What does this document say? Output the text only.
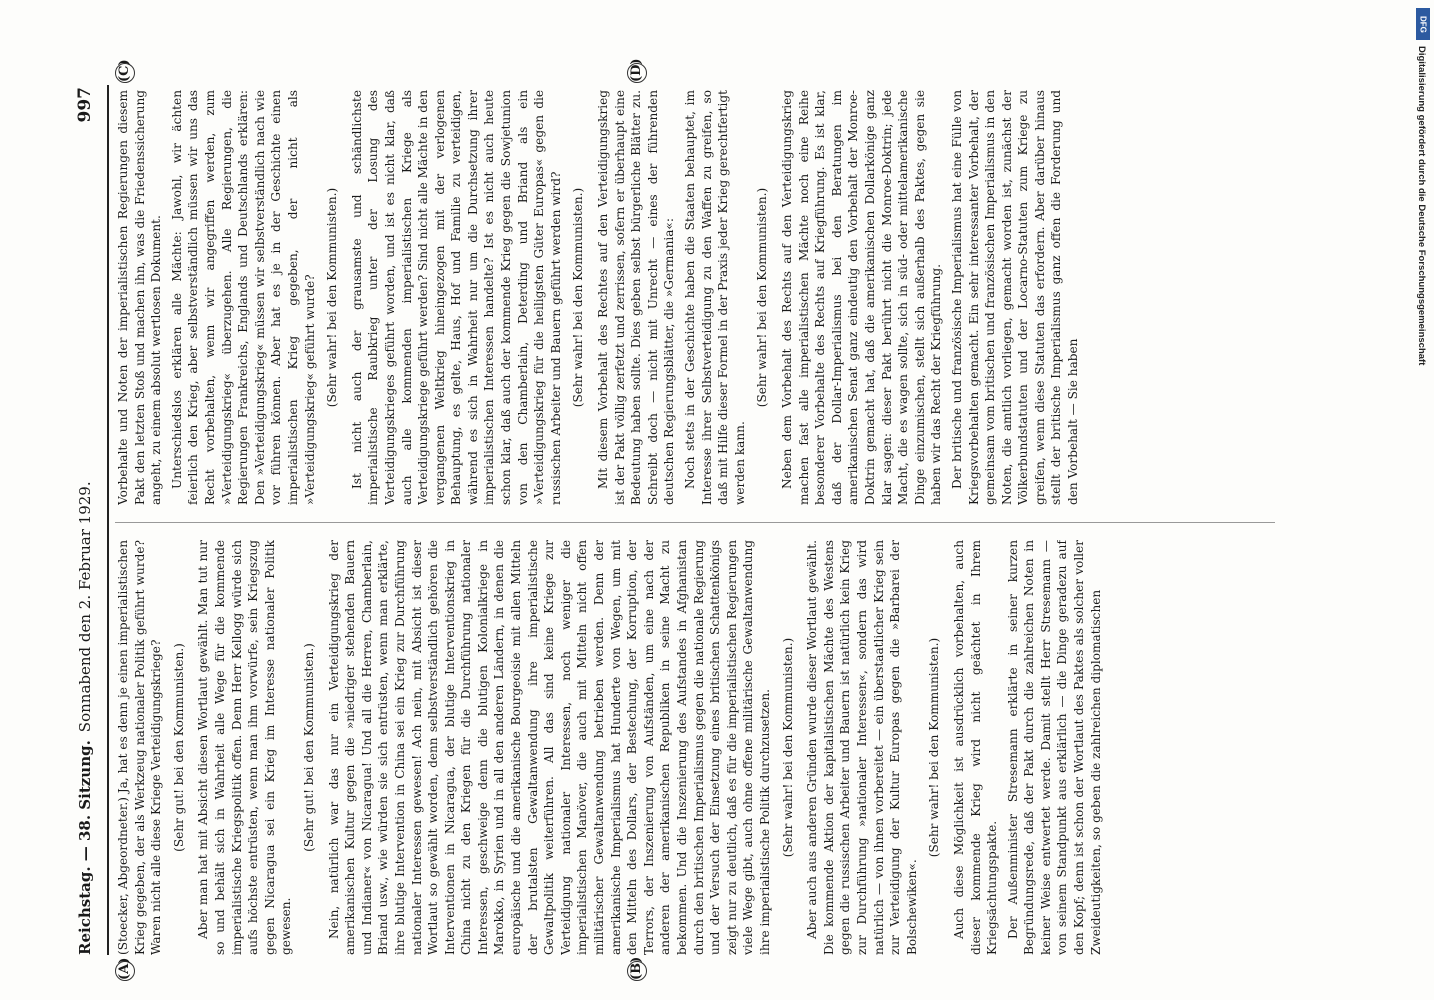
Reichstag. — 38. Sitzung.
Sonnabend den 2. Februar 1929.
997

(Stoecker, Abgeordneter.) Ja, hat es denn je einen imperialistischen Krieg gegeben, der als Werkzeug nationaler Politik geführt wurde? Waren nicht alle diese Kriege Verteidigungskriege? (Sehr gut! bei den Kommunisten.) Aber man hat mit Absicht diesen Wortlaut gewählt. Man tut nur so und behält sich in Wahrheit alle Wege für die kommende imperialistische Kriegspolitik offen. Denn Herr Kellogg würde sich aufs höchste entrüsten, wenn man ihm vorwürfe, sein Kriegszug gegen Nicaragua sei ein Krieg im Interesse nationaler Politik gewesen.

(Sehr gut! bei den Kommunisten.) Nein, natürlich war das nur ein Verteidigungskrieg der amerikanischen Kultur gegen die »niedriger stehenden Bauern und Indianer« von Nicaragua! Und all die Herren, Chamberlain, Briand usw., wie würden sie sich entrüsten, wenn man erklärte, ihre blutige Intervention in China sei ein Krieg zur Durchführung nationaler Interessen gewesen! Ach nein, mit Absicht ist dieser Wortlaut so gewählt worden, denn selbstverständlich gehören die Interventionen in Nicaragua, der blutige Interventionskrieg in China nicht zu den Kriegen für die Durchführung nationaler Interessen, geschweige denn die blutigen Kolonialkriege in Marokko, in Syrien und in all den anderen Ländern, in denen die europäische und die amerikanische Bourgeoisie mit allen Mitteln der brutalsten Gewaltanwendung ihre imperialistische Gewaltpolitik weiterführen. All das sind keine Kriege zur Verteidigung nationaler Interessen, noch weniger die imperialistischen Manöver, die auch mit Mitteln nicht offen militärischer Gewaltanwendung betrieben werden. Denn der amerikanische Imperialismus hat Hunderte von Wegen, um mit den Mitteln des Dollars, der Bestechung, der Korruption, der Terrors, der Inszenierung von Aufständen, um eine nach der anderen der amerikanischen Republiken in seine Macht zu bekommen. Und die Inszenierung des Aufstandes in Afghanistan durch den britischen Imperialismus gegen die nationale Regierung und der Versuch der Einsetzung eines britischen Schattenkönigs zeigt nur zu deutlich, daß es für die imperialistischen Regierungen viele Wege gibt, auch ohne offene militärische Gewaltanwendung ihre imperialistische Politik durchzusetzen. (Sehr wahr! bei den Kommunisten.) Aber auch aus anderen Gründen wurde dieser Wortlaut gewählt. Die kommende Aktion der kapitalistischen Mächte des Westens gegen die russischen Arbeiter und Bauern ist natürlich kein Krieg zur Durchführung »nationaler Interessen«, sondern das wird natürlich — von ihnen vorbereitet — ein überstaatlicher Krieg sein zur Verteidigung der Kultur Europas gegen die »Barbarei der Bolschewiken«.

(Sehr wahr! bei den Kommunisten.) Auch diese Möglichkeit ist ausdrücklich vorbehalten, auch dieser kommende Krieg wird nicht geächtet in Ihrem Kriegsächtungspakte. Der Außenminister Stresemann erklärte in seiner kurzen Begründungsrede, daß der Pakt durch die zahlreichen Noten in keiner Weise entwertet werde. Damit stellt Herr Stresemann — von seinem Standpunkt aus erklärlich — die Dinge geradezu auf den Kopf; denn ist schon der Wortlaut des Paktes als solcher voller Zweideutigkeiten, so geben die zahlreichen diplomatischen

Vorbehalte und Noten der imperialistischen Regierungen diesem Pakt den letzten Stoß und machen ihn, was die Friedenssicherung angeht, zu einem absolut wertlosen Dokument. Unterschiedslos erklären alle Mächte: Jawohl, wir ächten feierlich den Krieg, aber selbstverständlich müssen wir uns das Recht vorbehalten, wenn wir angegriffen werden, zum »Verteidigungskrieg« überzugehen. Alle Regierungen, die Regierungen Frankreichs, Englands und Deutschlands erklären: Den »Verteidigungskrieg« müssen wir selbstverständlich nach wie vor führen können. Aber hat es je in der Geschichte einen imperialistischen Krieg gegeben, der nicht als »Verteidigungskrieg« geführt wurde? (Sehr wahr! bei den Kommunisten.) Ist nicht auch der grausamste und schändlichste imperialistische Raubkrieg unter der Losung des Verteidigungskrieges geführt worden, und ist es nicht klar, daß auch alle kommenden imperialistischen Kriege als Verteidigungskriege geführt werden? Sind nicht alle Mächte in den vergangenen Weltkrieg hineingezogen mit der verlogenen Behauptung, es gelte, Haus, Hof und Familie zu verteidigen, während es sich in Wahrheit nur um die Durchsetzung ihrer imperialistischen Interessen handelte? Ist es nicht auch heute schon klar, daß auch der kommende Krieg gegen die Sowjetunion von den Chamberlain, Deterding und Briand als ein »Verteidigungskrieg für die heiligsten Güter Europas« gegen die russischen Arbeiter und Bauern geführt werden wird? (Sehr wahr! bei den Kommunisten.) Mit diesem Vorbehalt des Rechtes auf den Verteidigungskrieg ist der Pakt völlig zerfetzt und zerrissen, sofern er überhaupt eine Bedeutung haben sollte. Dies geben selbst bürgerliche Blätter zu. Schreibt doch — nicht mit Unrecht — eines der führenden deutschen Regierungsblätter, die »Germania«: Noch stets in der Geschichte haben die Staaten behauptet, im Interesse ihrer Selbstverteidigung zu den Waffen zu greifen, so daß mit Hilfe dieser Formel in der Praxis jeder Krieg gerechtfertigt werden kann.

(Sehr wahr! bei den Kommunisten.) Neben dem Vorbehalt des Rechts auf den Verteidigungskrieg machen fast alle imperialistischen Mächte noch eine Reihe besonderer Vorbehalte des Rechts auf Kriegführung. Es ist klar, daß der Dollar-Imperialismus bei den Beratungen im amerikanischen Senat ganz eindeutig den Vorbehalt der Monroe-Doktrin gemacht hat, daß die amerikanischen Dollarkönige ganz klar sagen: dieser Pakt berührt nicht die Monroe-Doktrin; jede Macht, die es wagen sollte, sich in süd- oder mittelamerikanische Dinge einzumischen, stellt sich außerhalb des Paktes, gegen sie haben wir das Recht der Kriegführung. Der britische und französische Imperialismus hat eine Fülle von Kriegsvorbehalten gemacht. Ein sehr interessanter Vorbehalt, der gemeinsam vom britischen und französischen Imperialismus in den Noten, die amtlich vorliegen, gemacht worden ist, zunächst der Völkerbundstatuten und der Locarno-Statuten zum Kriege zu greifen, wenn diese Statuten das erfordern. Aber darüber hinaus stellt der britische Imperialismus ganz offen die Forderung und den Vorbehalt — Sie haben

(A)	(B)
(C)	(D)
DFG
Digitalisierung gefördert durch die Deutsche Forschungsgemeinschaft
